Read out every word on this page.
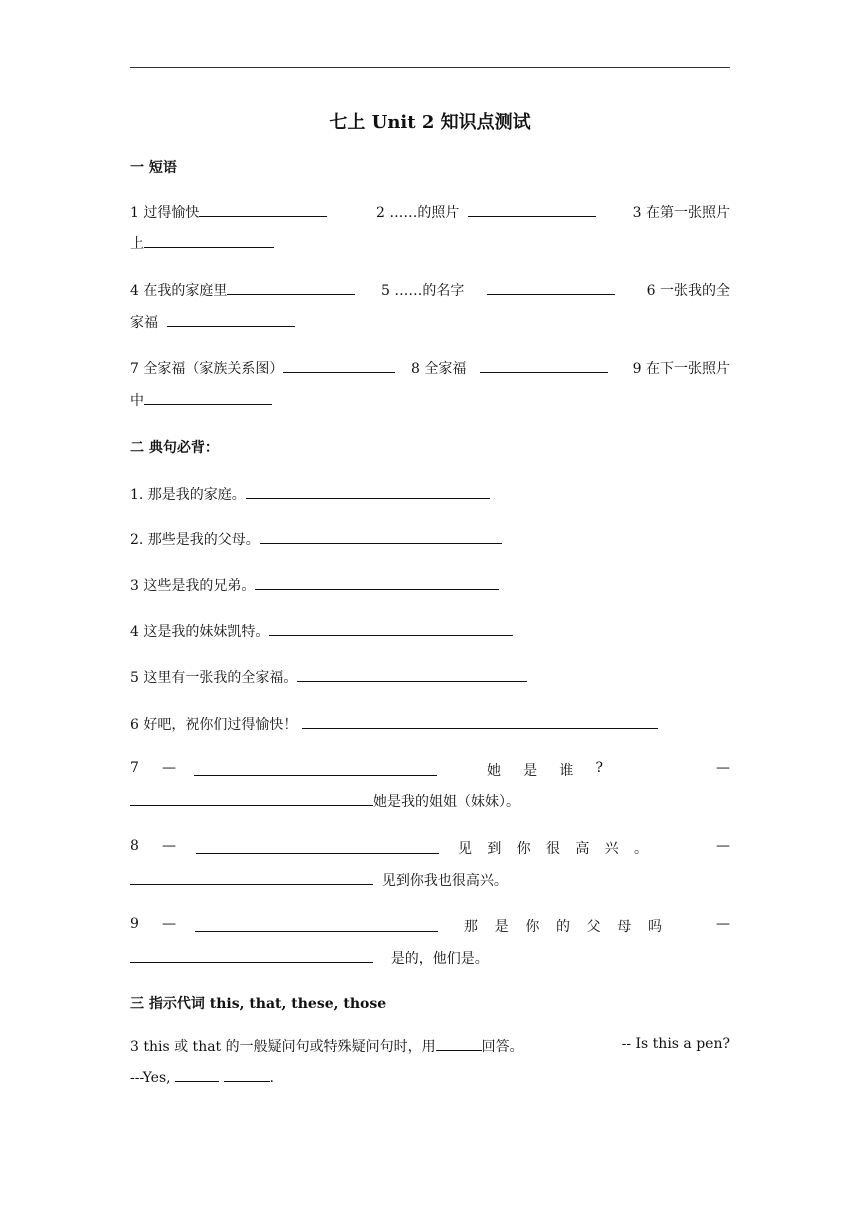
七上 Unit 2 知识点测试
一 短语
1 过得愉快	2 ……的照片	3 在第一张照片
上
4 在我的家庭里	5 ……的名字	6 一张我的全
家福
7 全家福（家族关系图）	8 全家福	9 在下一张照片
中
二 典句必背：
1. 那是我的家庭。
2. 那些是我的父母。
3 这些是我的兄弟。
4 这是我的妹妹凯特。
5 这里有一张我的全家福。
6 好吧，祝你们过得愉快！
7 —	她 是 谁 ?	—
她是我的姐姐（妹妹）。
8 —	见 到 你 很 高 兴 。	—
见到你我也很高兴。
9 —	那 是 你 的 父 母 吗	—
是的，他们是。
三 指示代词 this, that, these, those
3 this 或 that 的一般疑问句或特殊疑问句时，用	回答。	-- Is this a pen?
---Yes,	.
